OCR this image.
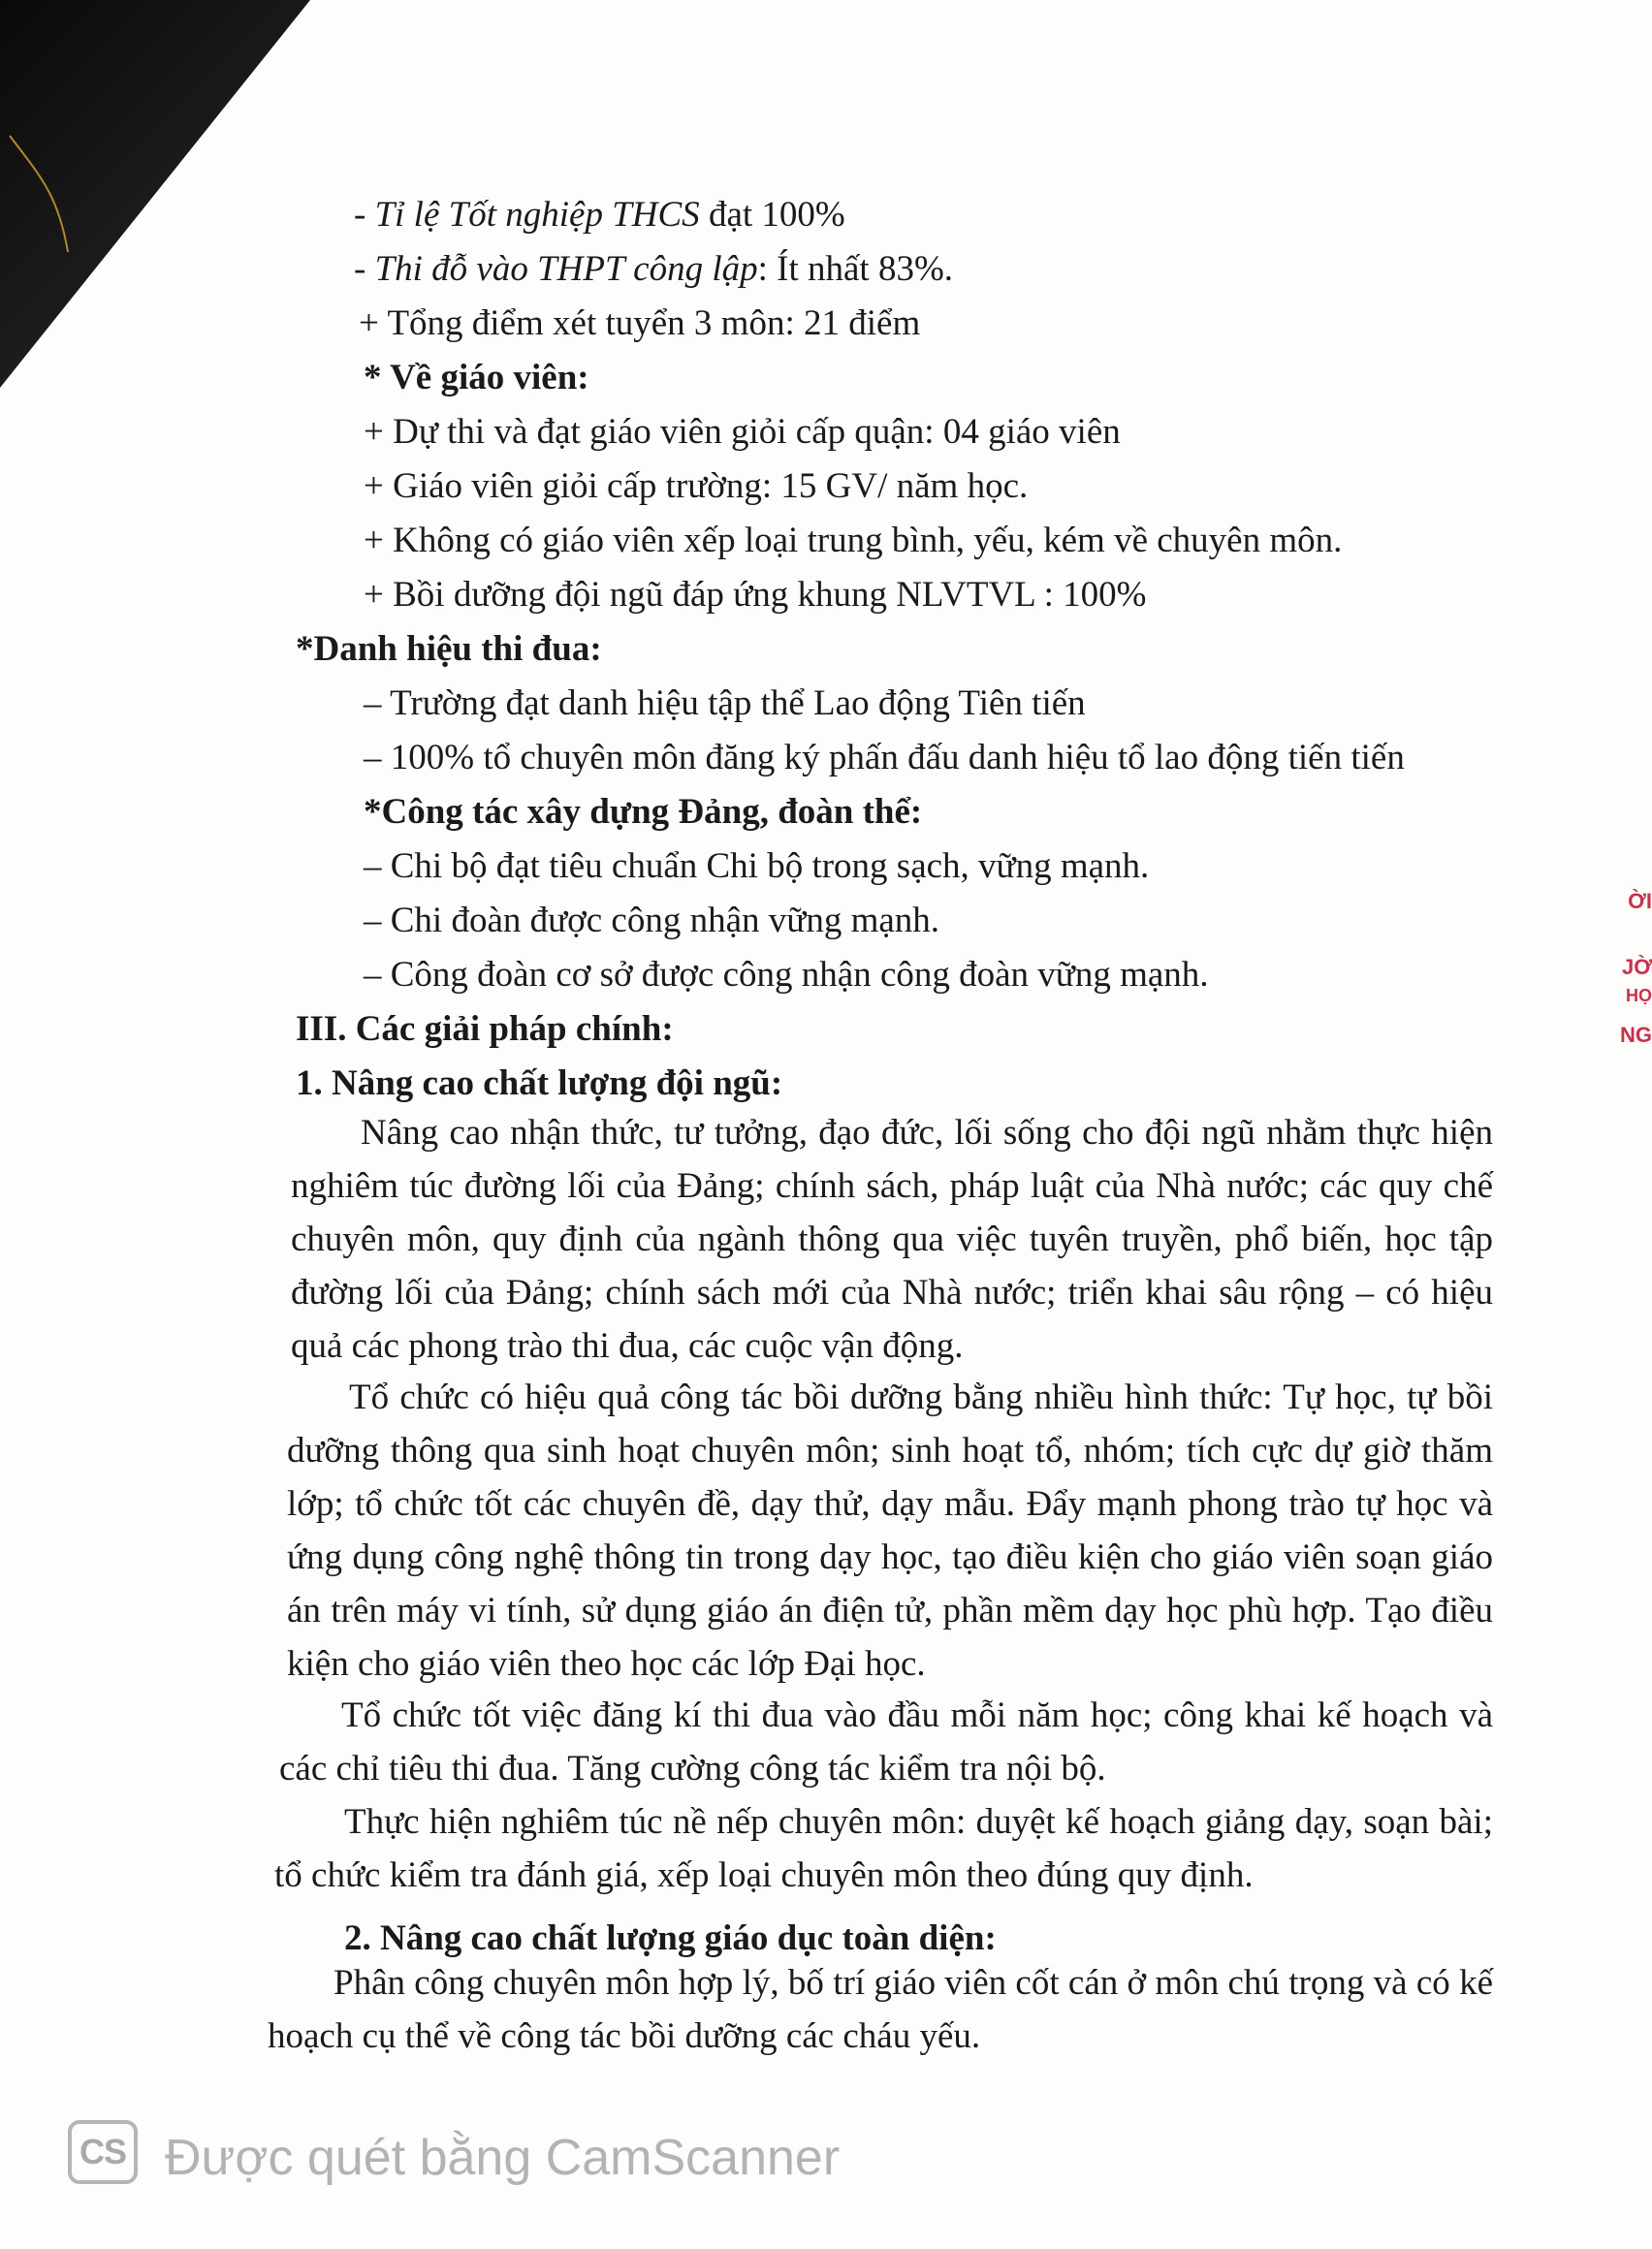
- Tỉ lệ Tốt nghiệp THCS đạt 100%
- Thi đỗ vào THPT công lập: Ít nhất 83%.
+ Tổng điểm xét tuyển 3 môn: 21 điểm
* Về giáo viên:
+ Dự thi và đạt giáo viên giỏi cấp quận: 04 giáo viên
+ Giáo viên giỏi cấp trường: 15 GV/ năm học.
+ Không có giáo viên xếp loại trung bình, yếu, kém về chuyên môn.
+ Bồi dưỡng đội ngũ đáp ứng khung NLVTVL : 100%
*Danh hiệu thi đua:
– Trường đạt danh hiệu tập thể Lao động Tiên tiến
– 100% tổ chuyên môn đăng ký phấn đấu danh hiệu tổ lao động tiến tiến
*Công tác xây dựng Đảng, đoàn thể:
– Chi bộ đạt tiêu chuẩn Chi bộ trong sạch, vững mạnh.
– Chi đoàn được công nhận vững mạnh.
– Công đoàn cơ sở được công nhận công đoàn vững mạnh.
III. Các giải pháp chính:
1. Nâng cao chất lượng đội ngũ:
Nâng cao nhận thức, tư tưởng, đạo đức, lối sống cho đội ngũ nhằm thực hiện nghiêm túc đường lối của Đảng; chính sách, pháp luật của Nhà nước; các quy chế chuyên môn, quy định của ngành thông qua việc tuyên truyền, phổ biến, học tập đường lối của Đảng; chính sách mới của Nhà nước; triển khai sâu rộng – có hiệu quả các phong trào thi đua, các cuộc vận động.
Tổ chức có hiệu quả công tác bồi dưỡng bằng nhiều hình thức: Tự học, tự bồi dưỡng thông qua sinh hoạt chuyên môn; sinh hoạt tổ, nhóm; tích cực dự giờ thăm lớp; tổ chức tốt các chuyên đề, dạy thử, dạy mẫu. Đẩy mạnh phong trào tự học và ứng dụng công nghệ thông tin trong dạy học, tạo điều kiện cho giáo viên soạn giáo án trên máy vi tính, sử dụng giáo án điện tử, phần mềm dạy học phù hợp. Tạo điều kiện cho giáo viên theo học các lớp Đại học.
Tổ chức tốt việc đăng kí thi đua vào đầu mỗi năm học; công khai kế hoạch và các chỉ tiêu thi đua. Tăng cường công tác kiểm tra nội bộ.
Thực hiện nghiêm túc nề nếp chuyên môn: duyệt kế hoạch giảng dạy, soạn bài; tổ chức kiểm tra đánh giá, xếp loại chuyên môn theo đúng quy định.
2. Nâng cao chất lượng giáo dục toàn diện:
Phân công chuyên môn hợp lý, bố trí giáo viên cốt cán ở môn chú trọng và có kế hoạch cụ thể về công tác bồi dưỡng các cháu yếu.
ỜI
JỜ
HỌ
NG
CS Được quét bằng CamScanner
